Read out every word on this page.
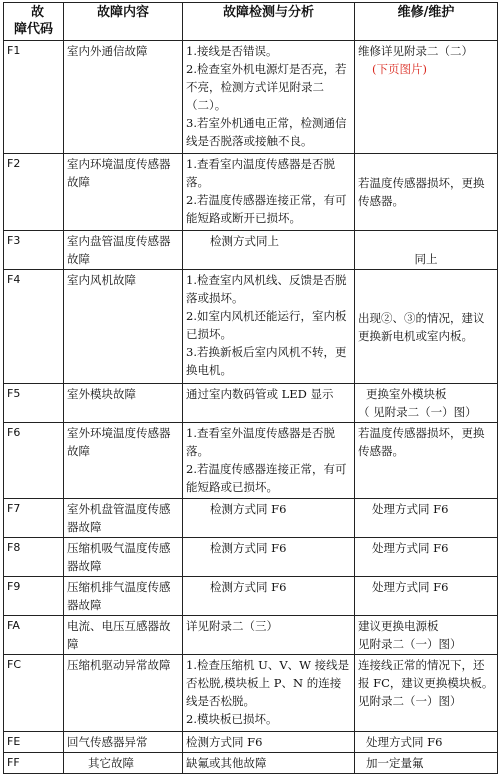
故
障代码	故障内容	故障检测与分析	维修/维护
F1	室内外通信故障	1.接线是否错误。
2.检查室外机电源灯是否亮，若不亮，检测方式详见附录二（二）。
3.若室外机通电正常，检测通信线是否脱落或接触不良。	维修详见附录二（二）
(下页图片)

F2	室内环境温度传感器故障	1.查看室内温度传感器是否脱落。
2.若温度传感器连接正常，有可能短路或断开已损坏。	若温度传感器损坏，更换传感器。

F3	室内盘管温度传感器故障	检测方式同上	同上

F4	室内风机故障	1.检查室内风机线、反馈是否脱落或损坏。
2.如室内风机还能运行，室内板已损坏。
3.若换新板后室内风机不转，更换电机。	出现②、③的情况，建议更换新电机或室内板。

F5	室外模块故障	通过室内数码管或 LED 显示	更换室外模块板
（ 见附录二（一）图）

F6	室外环境温度传感器故障	1.查看室外温度传感器是否脱落。
2.若温度传感器连接正常，有可能短路或已损坏。	若温度传感器损坏，更换传感器。

F7	室外机盘管温度传感器故障	检测方式同 F6	处理方式同 F6

F8	压缩机吸气温度传感器故障	检测方式同 F6	处理方式同 F6

F9	压缩机排气温度传感器故障	检测方式同 F6	处理方式同 F6

FA	电流、电压互感器故障	详见附录二（三）	建议更换电源板
见附录二（一）图）

FC	压缩机驱动异常故障	1.检查压缩机 U、V、W 接线是否松脱,模块板上 P、N 的连接线是否松脱。
2.模块板已损坏。	连接线正常的情况下，还报 FC，建议更换模块板。
见附录二（一）图）

FE	回气传感器异常	检测方式同 F6	处理方式同 F6

FF	其它故障	缺氟或其他故障	加一定量氟
